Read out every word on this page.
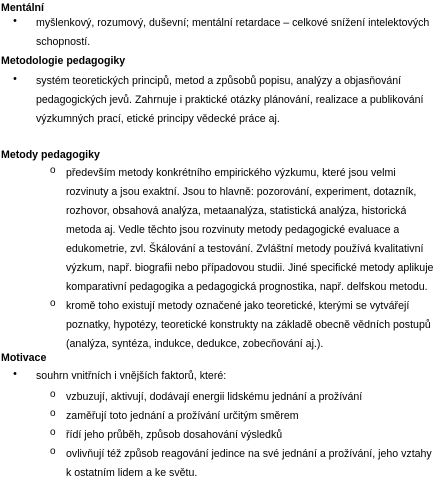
Mentální
• myšlenkový, rozumový, duševní; mentální retardace – celkové snížení intelektových
schopností.
Metodologie pedagogiky
• systém teoretických principů, metod a způsobů popisu, analýzy a objasňování
pedagogických jevů. Zahrnuje i praktické otázky plánování, realizace a publikování
výzkumných prací, etické principy vědecké práce aj.
Metody pedagogiky
o především metody konkrétního empirického výzkumu, které jsou velmi
rozvinuty a jsou exaktní. Jsou to hlavně: pozorování, experiment, dotazník,
rozhovor, obsahová analýza, metaanalýza, statistická analýza, historická
metoda aj. Vedle těchto jsou rozvinuty metody pedagogické evaluace a
edukometrie, zvl. Škálování a testování. Zvláštní metody používá kvalitativní
výzkum, např. biografii nebo případovou studii. Jiné specifické metody aplikuje
komparativní pedagogika a pedagogická prognostika, např. delfskou metodu.
o kromě toho existují metody označené jako teoretické, kterými se vytvářejí
poznatky, hypotézy, teoretické konstrukty na základě obecně vědních postupů
(analýza, syntéza, indukce, dedukce, zobecňování aj.).
Motivace
• souhrn vnitřních i vnějších faktorů, které:
o vzbuzují, aktivují, dodávají energii lidskému jednání a prožívání
o zaměřují toto jednání a prožívání určitým směrem
o řídí jeho průběh, způsob dosahování výsledků
o ovlivňují též způsob reagování jedince na své jednání a prožívání, jeho vztahy
k ostatním lidem a ke světu.
